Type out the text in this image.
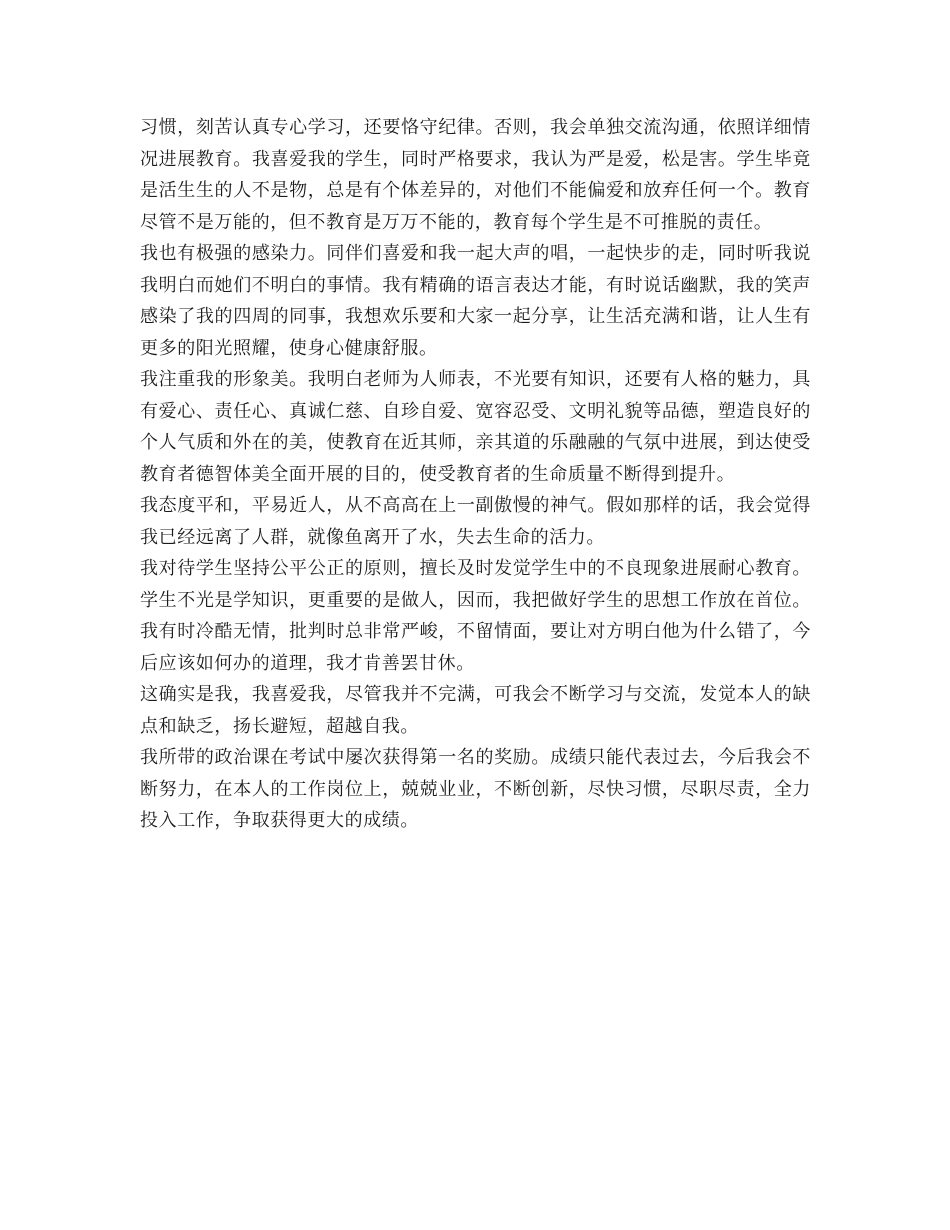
习惯，刻苦认真专心学习，还要恪守纪律。否则，我会单独交流沟通，依照详细情
况进展教育。我喜爱我的学生，同时严格要求，我认为严是爱，松是害。学生毕竟
是活生生的人不是物，总是有个体差异的，对他们不能偏爱和放弃任何一个。教育
尽管不是万能的，但不教育是万万不能的，教育每个学生是不可推脱的责任。
我也有极强的感染力。同伴们喜爱和我一起大声的唱，一起快步的走，同时听我说
我明白而她们不明白的事情。我有精确的语言表达才能，有时说话幽默，我的笑声
感染了我的四周的同事，我想欢乐要和大家一起分享，让生活充满和谐，让人生有
更多的阳光照耀，使身心健康舒服。
我注重我的形象美。我明白老师为人师表，不光要有知识，还要有人格的魅力，具
有爱心、责任心、真诚仁慈、自珍自爱、宽容忍受、文明礼貌等品德，塑造良好的
个人气质和外在的美，使教育在近其师，亲其道的乐融融的气氛中进展，到达使受
教育者德智体美全面开展的目的，使受教育者的生命质量不断得到提升。
我态度平和，平易近人，从不高高在上一副傲慢的神气。假如那样的话，我会觉得
我已经远离了人群，就像鱼离开了水，失去生命的活力。
我对待学生坚持公平公正的原则，擅长及时发觉学生中的不良现象进展耐心教育。
学生不光是学知识，更重要的是做人，因而，我把做好学生的思想工作放在首位。
我有时冷酷无情，批判时总非常严峻，不留情面，要让对方明白他为什么错了，今
后应该如何办的道理，我才肯善罢甘休。
这确实是我，我喜爱我，尽管我并不完满，可我会不断学习与交流，发觉本人的缺
点和缺乏，扬长避短，超越自我。
我所带的政治课在考试中屡次获得第一名的奖励。成绩只能代表过去，今后我会不
断努力，在本人的工作岗位上，兢兢业业，不断创新，尽快习惯，尽职尽责，全力
投入工作，争取获得更大的成绩。
